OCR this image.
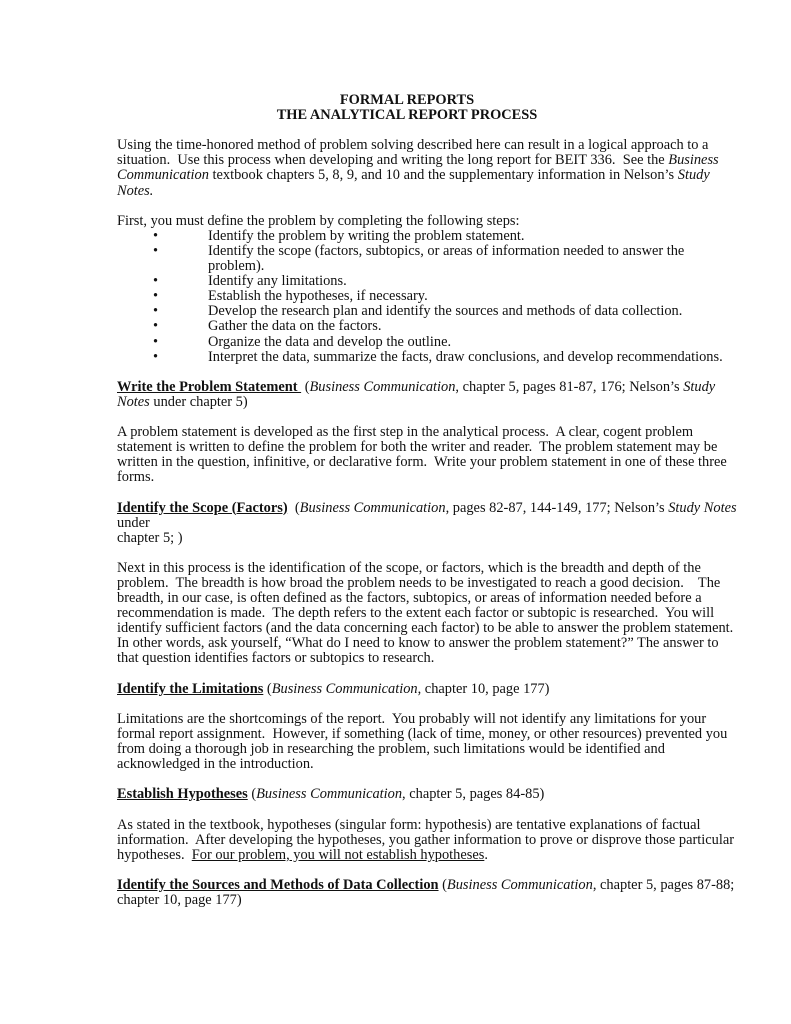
FORMAL REPORTS
THE ANALYTICAL REPORT PROCESS
Using the time-honored method of problem solving described here can result in a logical approach to a
situation.  Use this process when developing and writing the long report for BEIT 336.  See the Business
Communication textbook chapters 5, 8, 9, and 10 and the supplementary information in Nelson’s Study
Notes.
First, you must define the problem by completing the following steps:
•	Identify the problem by writing the problem statement.
•	Identify the scope (factors, subtopics, or areas of information needed to answer the
problem).
•	Identify any limitations.
•	Establish the hypotheses, if necessary.
•	Develop the research plan and identify the sources and methods of data collection.
•	Gather the data on the factors.
•	Organize the data and develop the outline.
•	Interpret the data, summarize the facts, draw conclusions, and develop recommendations.
Write the Problem Statement  (Business Communication, chapter 5, pages 81-87, 176; Nelson’s Study
Notes under chapter 5)
A problem statement is developed as the first step in the analytical process.  A clear, cogent problem
statement is written to define the problem for both the writer and reader.  The problem statement may be
written in the question, infinitive, or declarative form.  Write your problem statement in one of these three
forms.
Identify the Scope (Factors)  (Business Communication, pages 82-87, 144-149, 177; Nelson’s Study Notes
under
chapter 5; )
Next in this process is the identification of the scope, or factors, which is the breadth and depth of the
problem.  The breadth is how broad the problem needs to be investigated to reach a good decision.    The
breadth, in our case, is often defined as the factors, subtopics, or areas of information needed before a
recommendation is made.  The depth refers to the extent each factor or subtopic is researched.  You will
identify sufficient factors (and the data concerning each factor) to be able to answer the problem statement.
In other words, ask yourself, “What do I need to know to answer the problem statement?” The answer to
that question identifies factors or subtopics to research.
Identify the Limitations (Business Communication, chapter 10, page 177)
Limitations are the shortcomings of the report.  You probably will not identify any limitations for your
formal report assignment.  However, if something (lack of time, money, or other resources) prevented you
from doing a thorough job in researching the problem, such limitations would be identified and
acknowledged in the introduction.
Establish Hypotheses (Business Communication, chapter 5, pages 84-85)
As stated in the textbook, hypotheses (singular form: hypothesis) are tentative explanations of factual
information.  After developing the hypotheses, you gather information to prove or disprove those particular
hypotheses.  For our problem, you will not establish hypotheses.
Identify the Sources and Methods of Data Collection (Business Communication, chapter 5, pages 87-88;
chapter 10, page 177)
